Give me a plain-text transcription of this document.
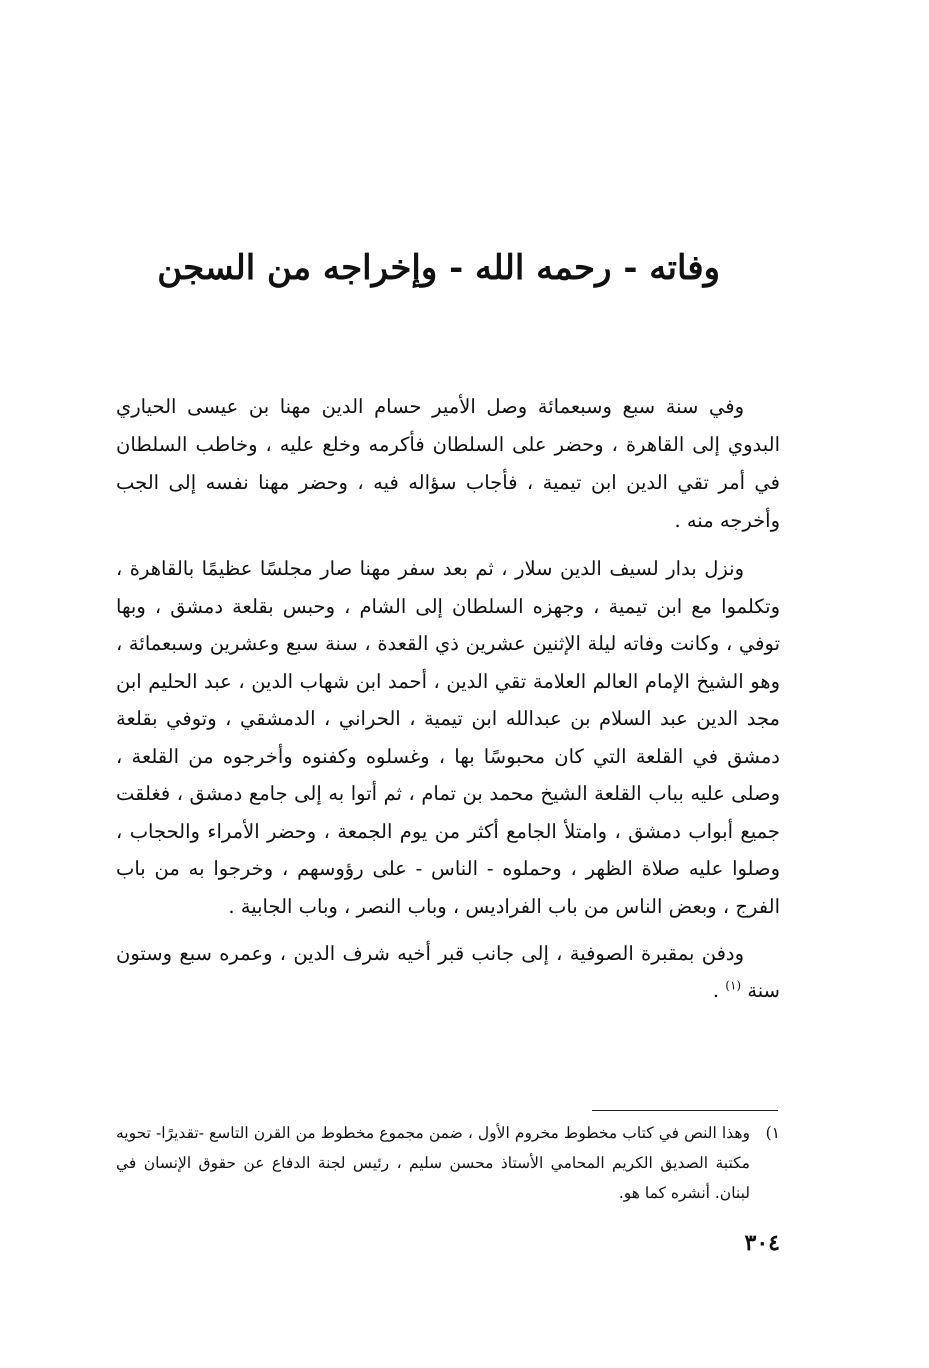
وفاته - رحمه الله - وإخراجه من السجن

وفي سنة سبع وسبعمائة وصل الأمير حسام الدين مهنا بن عيسى الحياري البدوي إلى القاهرة ، وحضر على السلطان فأكرمه وخلع عليه ، وخاطب السلطان في أمر تقي الدين ابن تيمية ، فأجاب سؤاله فيه ، وحضر مهنا نفسه إلى الجب وأخرجه منه .

ونزل بدار لسيف الدين سلار ، ثم بعد سفر مهنا صار مجلسًا عظيمًا بالقاهرة ، وتكلموا مع ابن تيمية ، وجهزه السلطان إلى الشام ، وحبس بقلعة دمشق ، وبها توفي ، وكانت وفاته ليلة الإثنين عشرين ذي القعدة ، سنة سبع وعشرين وسبعمائة ، وهو الشيخ الإمام العالم العلامة تقي الدين ، أحمد ابن شهاب الدين ، عبد الحليم ابن مجد الدين عبد السلام بن عبدالله ابن تيمية ، الحراني ، الدمشقي ، وتوفي بقلعة دمشق في القلعة التي كان محبوسًا بها ، وغسلوه وكفنوه وأخرجوه من القلعة ، وصلى عليه بباب القلعة الشيخ محمد بن تمام ، ثم أتوا به إلى جامع دمشق ، فغلقت جميع أبواب دمشق ، وامتلأ الجامع أكثر من يوم الجمعة ، وحضر الأمراء والحجاب ، وصلوا عليه صلاة الظهر ، وحملوه - الناس - على رؤوسهم ، وخرجوا به من باب الفرج ، وبعض الناس من باب الفراديس ، وباب النصر ، وباب الجابية .

ودفن بمقبرة الصوفية ، إلى جانب قبر أخيه شرف الدين ، وعمره سبع وستون سنة $^{(١)}$ .

١)
وهذا النص في كتاب مخطوط مخروم الأول ، ضمن مجموع مخطوط من القرن التاسع -تقديرًا- تحويه مكتبة الصديق الكريم المحامي الأستاذ محسن سليم ، رئيس لجنة الدفاع عن حقوق الإنسان في لبنان. أنشره كما هو.
٣٠٤
